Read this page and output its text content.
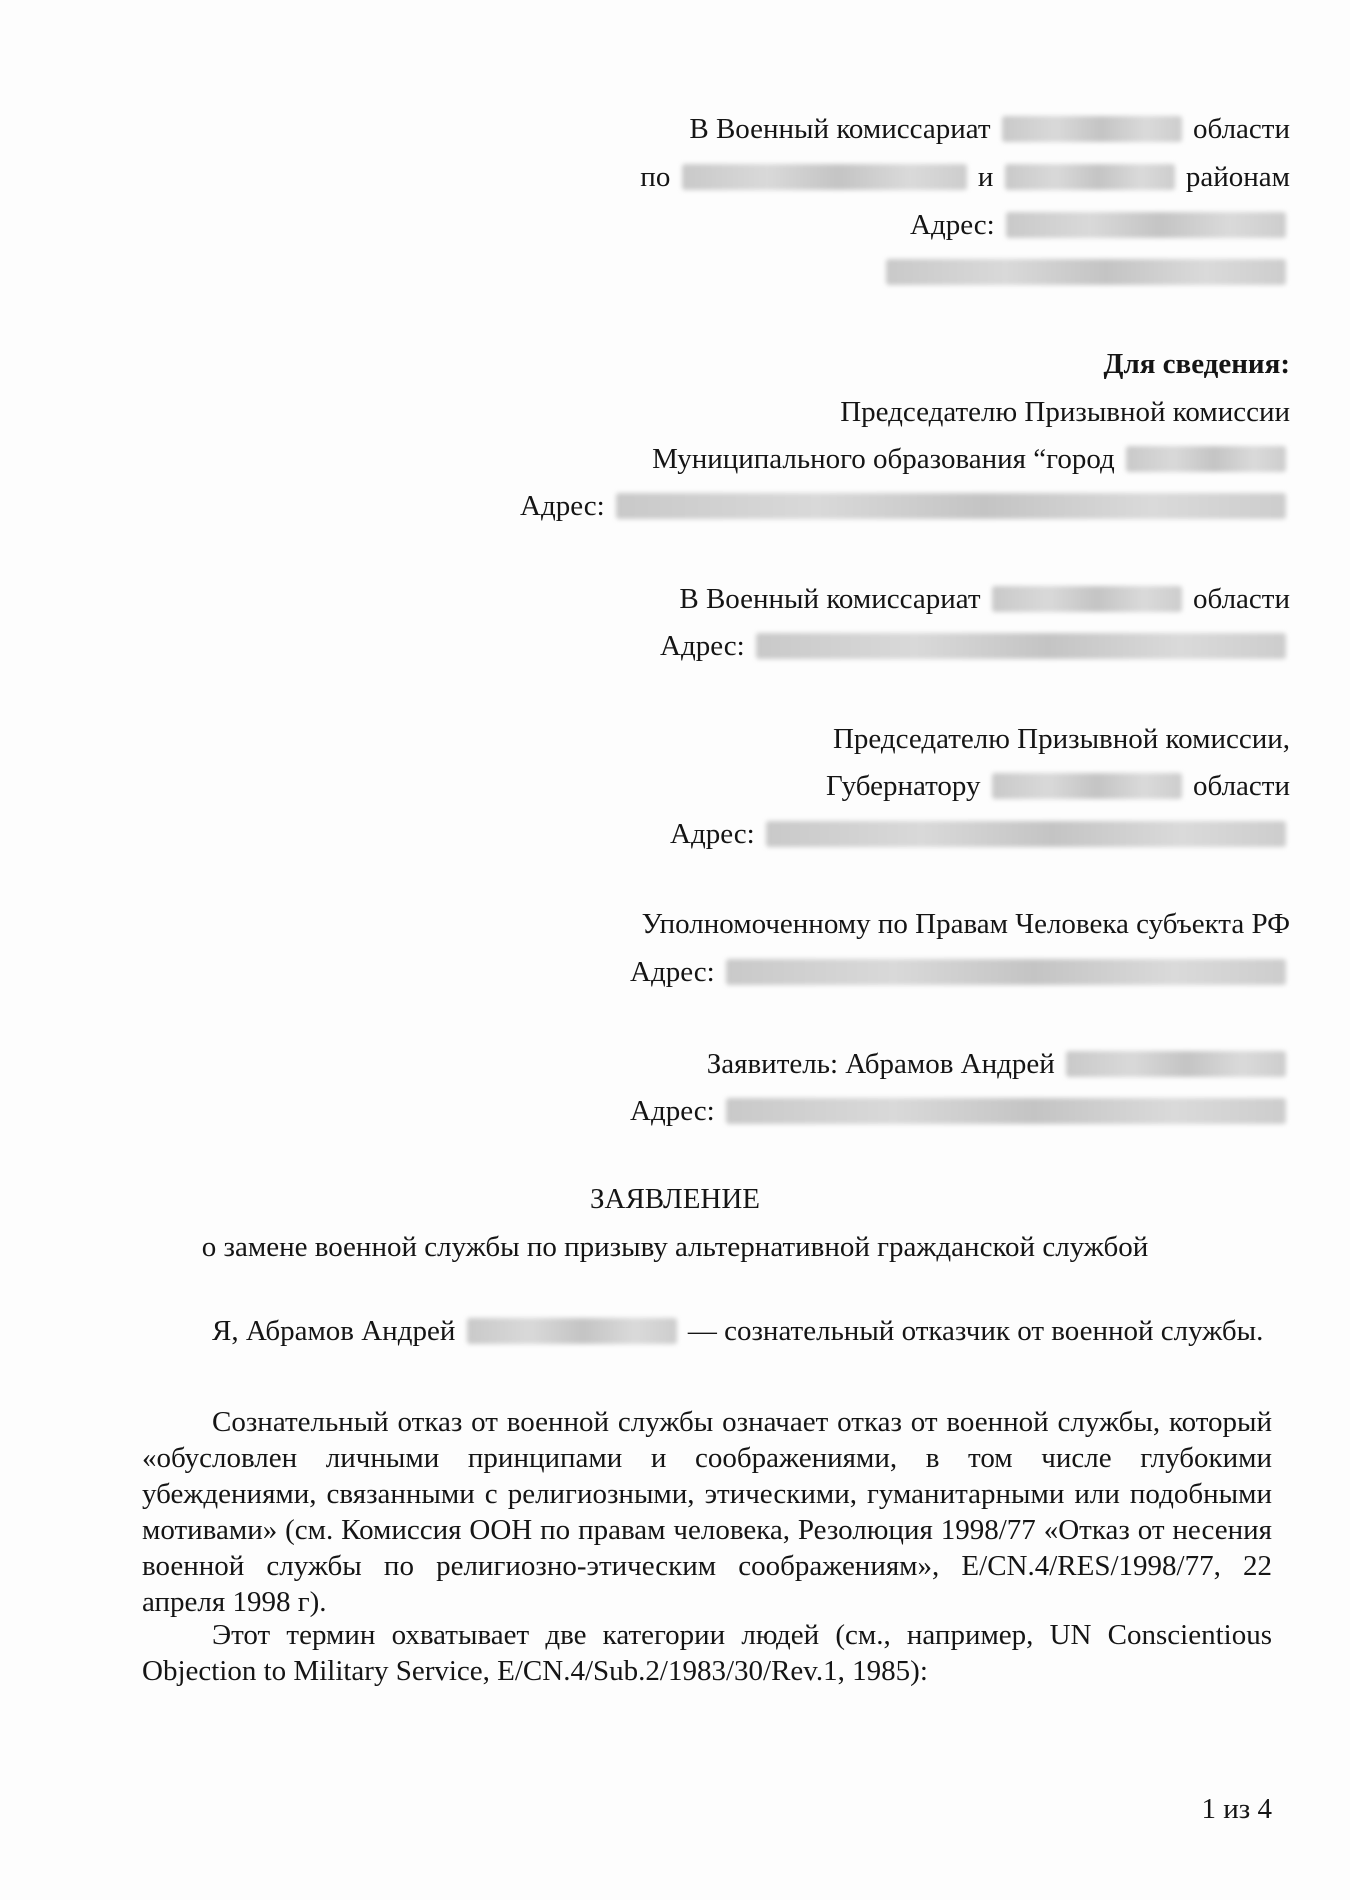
В Военный комиссариат	области
по	и	районам
Адрес:
Для сведения:
Председателю Призывной комиссии
Муниципального образования “город
Адрес:
В Военный комиссариат	области
Адрес:
Председателю Призывной комиссии,
Губернатору	области
Адрес:
Уполномоченному по Правам Человека субъекта РФ
Адрес:
Заявитель: Абрамов Андрей
Адрес:
ЗАЯВЛЕНИЕ
о замене военной службы по призыву альтернативной гражданской службой
Я, Абрамов Андрей	— сознательный отказчик от военной службы.
Сознательный отказ от военной службы означает отказ от военной службы, который «обусловлен личными принципами и соображениями, в том числе глубокими убеждениями, связанными с религиозными, этическими, гуманитарными или подобными мотивами» (см. Комиссия ООН по правам человека, Резолюция 1998/77 «Отказ от несения военной службы по религиозно-этическим соображениям», E/CN.4/RES/1998/77, 22 апреля 1998 г).
Этот термин охватывает две категории людей (см., например, UN Conscientious Objection to Military Service, E/CN.4/Sub.2/1983/30/Rev.1, 1985):
1 из 4
